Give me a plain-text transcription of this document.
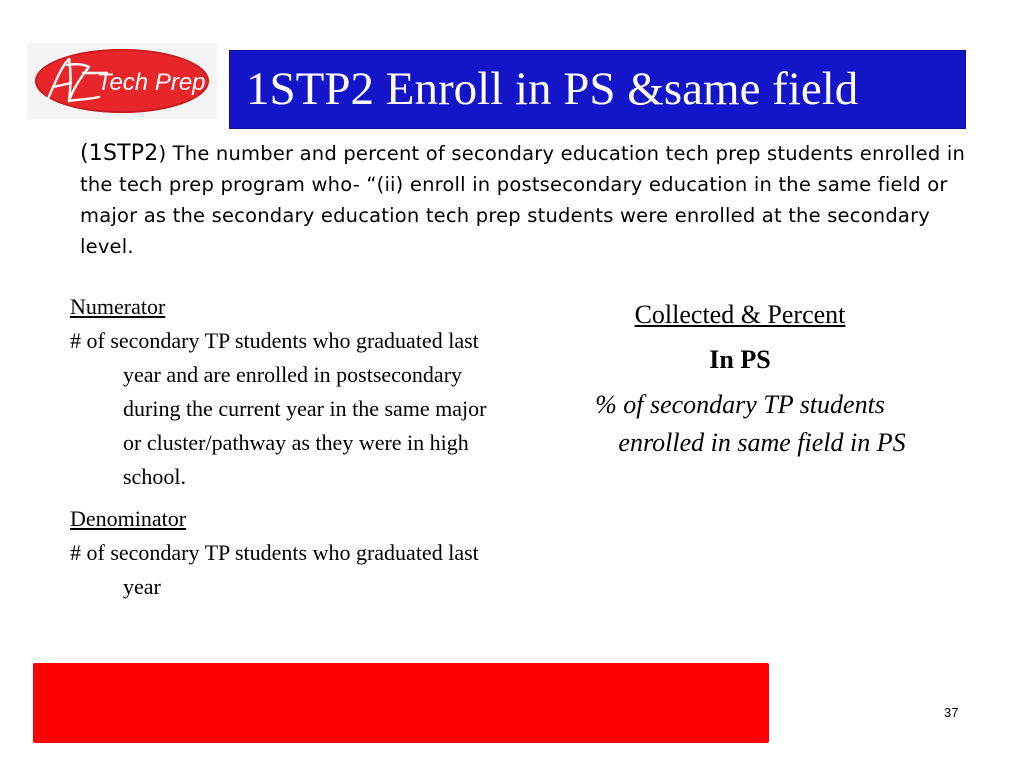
Tech Prep 1STP2 Enroll in PS &same field
(1STP2) The number and percent of secondary education tech prep students enrolled in the tech prep program who- “(ii) enroll in postsecondary education in the same field or major as the secondary education tech prep students were enrolled at the secondary level.
Numerator
# of secondary TP students who graduated last year and are enrolled in postsecondary during the current year in the same major or cluster/pathway as they were in high school.
Denominator
# of secondary TP students who graduated last year
Collected & Percent
In PS
% of secondary TP students
enrolled in same field in PS
37
